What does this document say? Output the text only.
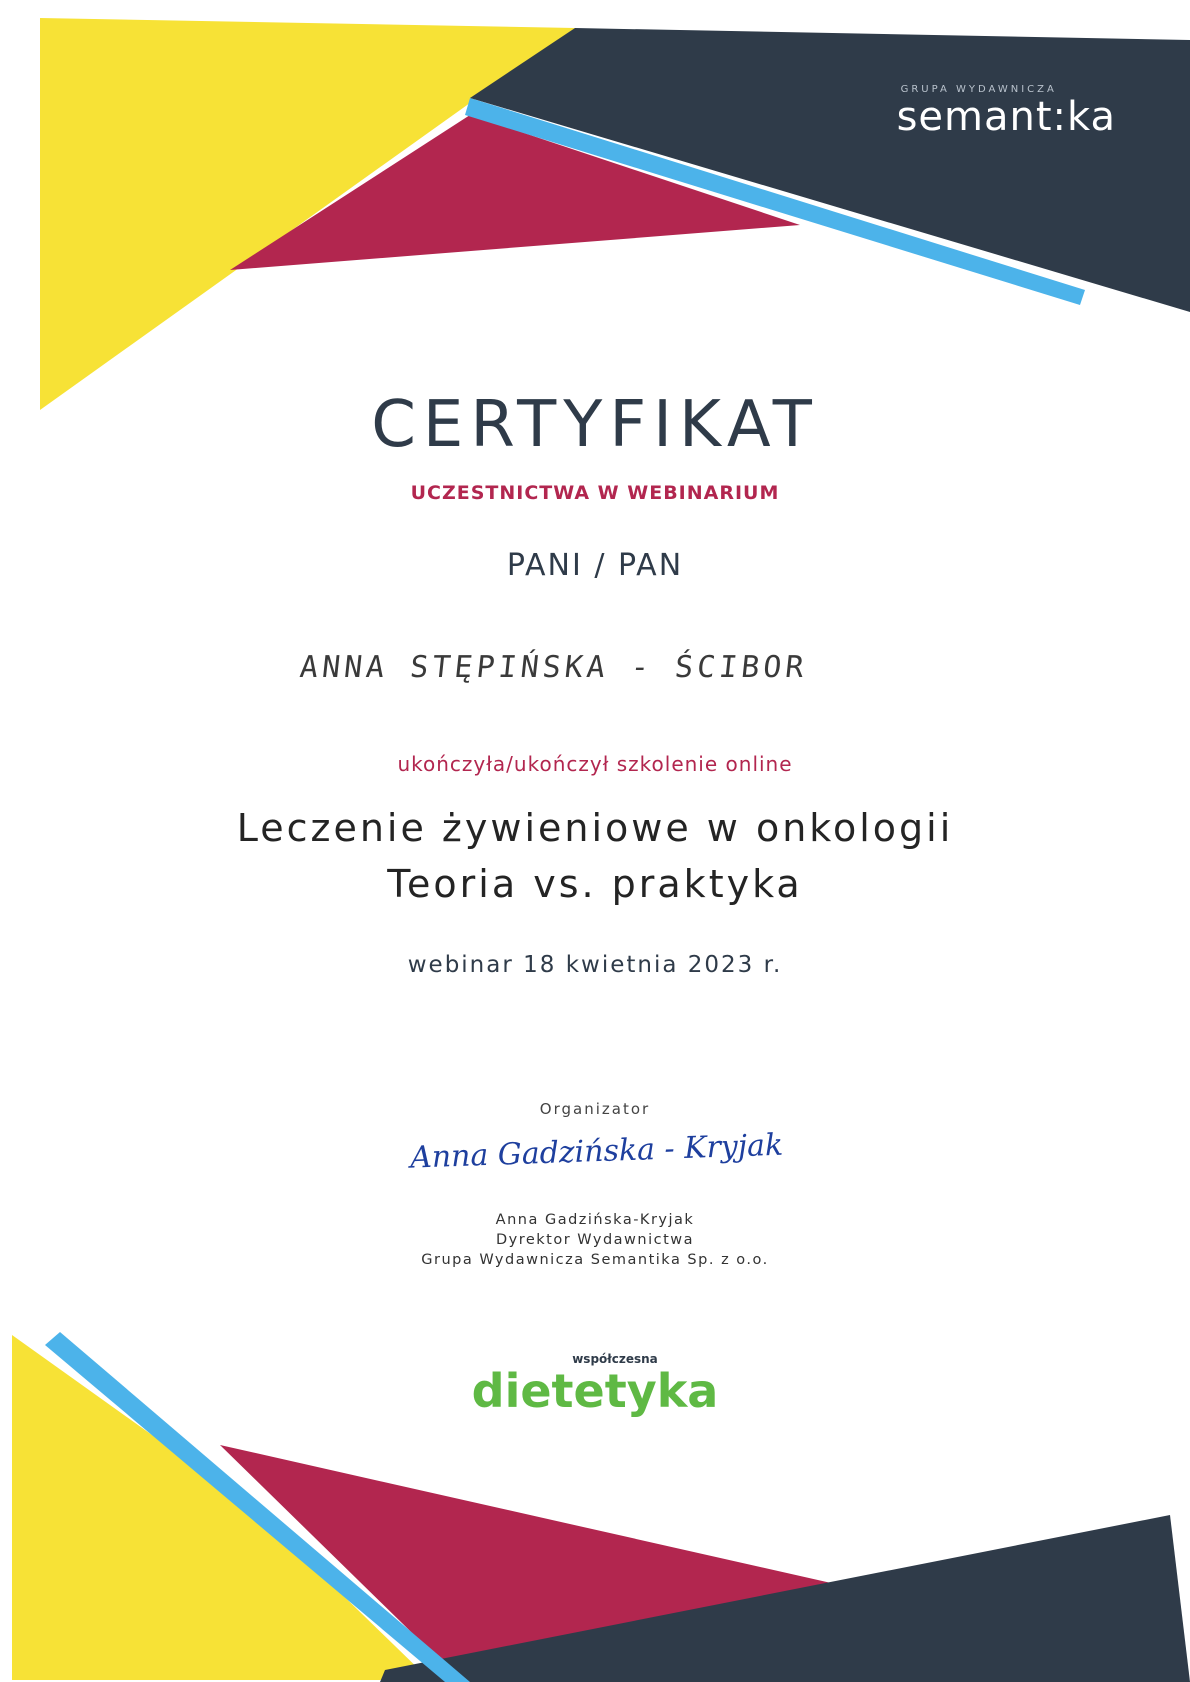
GRUPA WYDAWNICZA
semant:ka
CERTYFIKAT
UCZESTNICTWA W WEBINARIUM
PANI / PAN
ANNA STĘPIŃSKA - ŚCIBOR
ukończyła/ukończył szkolenie online
Leczenie żywieniowe w onkologii
Teoria vs. praktyka
webinar 18 kwietnia 2023 r.
Organizator
Anna Gadzińska - Kryjak
Anna Gadzińska-Kryjak
Dyrektor Wydawnictwa
Grupa Wydawnicza Semantika Sp. z o.o.
współczesna
dietetyka
